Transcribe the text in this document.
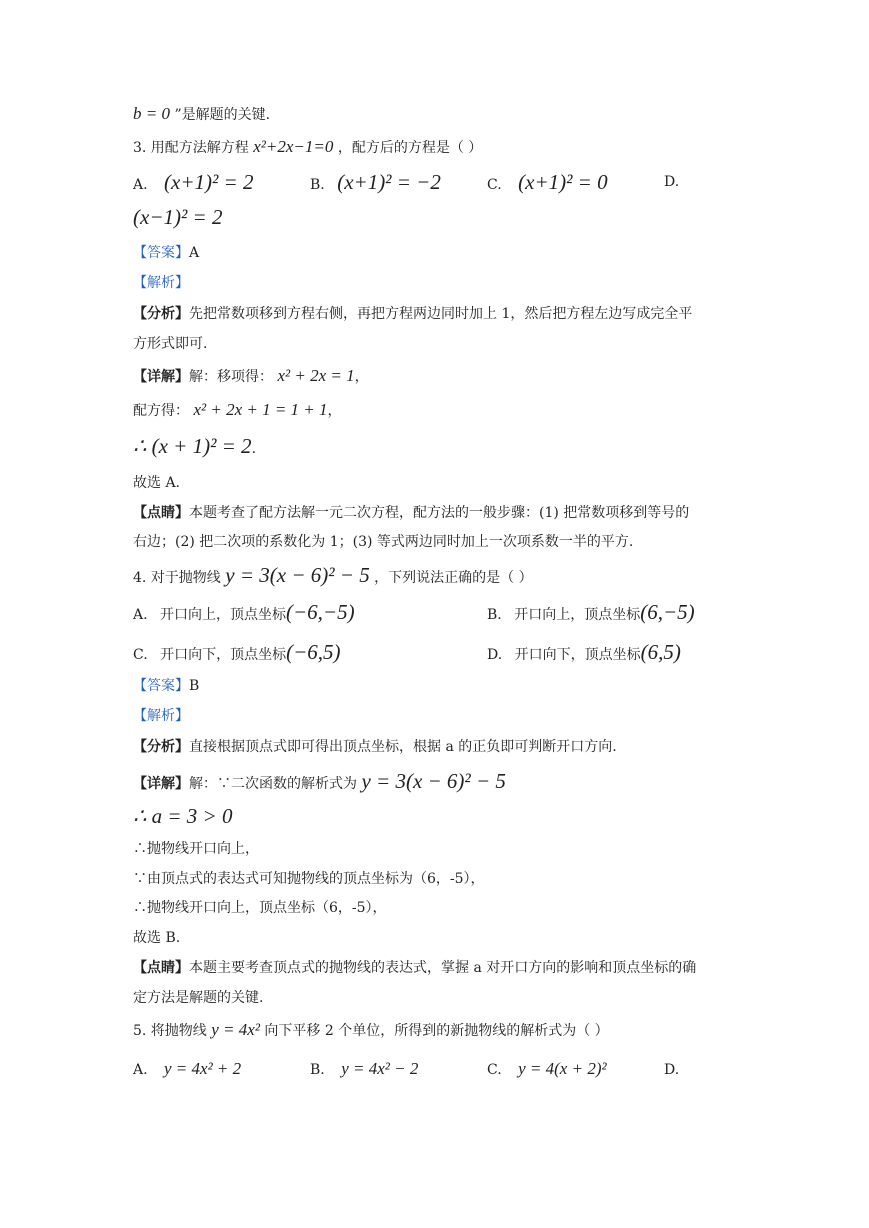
b = 0 ”是解题的关键.
3. 用配方法解方程 x²+2x−1=0 ，配方后的方程是（ ）
A. (x+1)² = 2	B. (x+1)² = −2	C. (x+1)² = 0	D.
(x−1)² = 2
【答案】A
【解析】
【分析】先把常数项移到方程右侧，再把方程两边同时加上 1，然后把方程左边写成完全平
方形式即可.
【详解】解：移项得： x² + 2x = 1，
配方得： x² + 2x + 1 = 1 + 1，
∴ (x + 1)² = 2.
故选 A.
【点睛】本题考查了配方法解一元二次方程，配方法的一般步骤：(1) 把常数项移到等号的
右边；(2) 把二次项的系数化为 1；(3) 等式两边同时加上一次项系数一半的平方.
4. 对于抛物线 y = 3(x − 6)² − 5 ，下列说法正确的是（ ）
A. 开口向上，顶点坐标(−6,−5)	B. 开口向上，顶点坐标(6,−5)
C. 开口向下，顶点坐标(−6,5)	D. 开口向下，顶点坐标(6,5)
【答案】B
【解析】
【分析】直接根据顶点式即可得出顶点坐标，根据 a 的正负即可判断开口方向.
【详解】解：∵二次函数的解析式为 y = 3(x − 6)² − 5
∴ a = 3 > 0
∴抛物线开口向上，
∵由顶点式的表达式可知抛物线的顶点坐标为（6，-5），
∴抛物线开口向上，顶点坐标（6，-5），
故选 B.
【点睛】本题主要考查顶点式的抛物线的表达式，掌握 a 对开口方向的影响和顶点坐标的确
定方法是解题的关键.
5. 将抛物线 y = 4x² 向下平移 2 个单位，所得到的新抛物线的解析式为（ ）
A. y = 4x² + 2	B. y = 4x² − 2	C. y = 4(x + 2)²	D.
